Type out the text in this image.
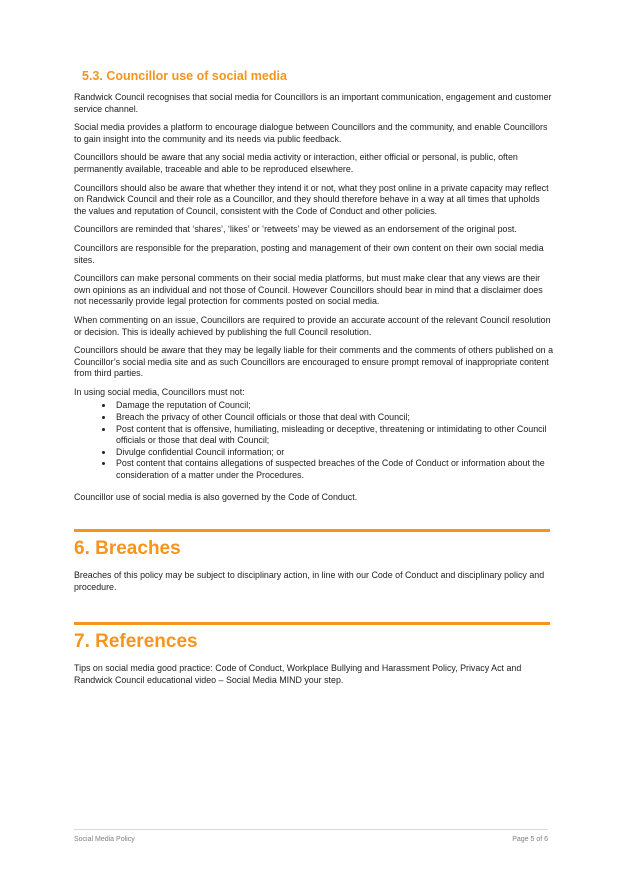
5.3. Councillor use of social media

Randwick Council recognises that social media for Councillors is an important communication, engagement and customer service channel.

Social media provides a platform to encourage dialogue between Councillors and the community, and enable Councillors to gain insight into the community and its needs via public feedback.

Councillors should be aware that any social media activity or interaction, either official or personal, is public, often permanently available, traceable and able to be reproduced elsewhere.

Councillors should also be aware that whether they intend it or not, what they post online in a private capacity may reflect on Randwick Council and their role as a Councillor, and they should therefore behave in a way at all times that upholds the values and reputation of Council, consistent with the Code of Conduct and other policies.

Councillors are reminded that ‘shares’, ‘likes’ or ‘retweets’ may be viewed as an endorsement of the original post.

Councillors are responsible for the preparation, posting and management of their own content on their own social media sites.

Councillors can make personal comments on their social media platforms, but must make clear that any views are their own opinions as an individual and not those of Council. However Councillors should bear in mind that a disclaimer does not necessarily provide legal protection for comments posted on social media.

When commenting on an issue, Councillors are required to provide an accurate account of the relevant Council resolution or decision. This is ideally achieved by publishing the full Council resolution.

Councillors should be aware that they may be legally liable for their comments and the comments of others published on a Councillor’s social media site and as such Councillors are encouraged to ensure prompt removal of inappropriate content from third parties.

In using social media, Councillors must not:

• Damage the reputation of Council;
• Breach the privacy of other Council officials or those that deal with Council;
• Post content that is offensive, humiliating, misleading or deceptive, threatening or intimidating to other Council officials or those that deal with Council;
• Divulge confidential Council information; or
• Post content that contains allegations of suspected breaches of the Code of Conduct or information about the consideration of a matter under the Procedures.

Councillor use of social media is also governed by the Code of Conduct.

6. Breaches

Breaches of this policy may be subject to disciplinary action, in line with our Code of Conduct and disciplinary policy and procedure.

7. References

Tips on social media good practice: Code of Conduct, Workplace Bullying and Harassment Policy, Privacy Act and Randwick Council educational video – Social Media MIND your step.

Social Media Policy	Page 5 of 6
